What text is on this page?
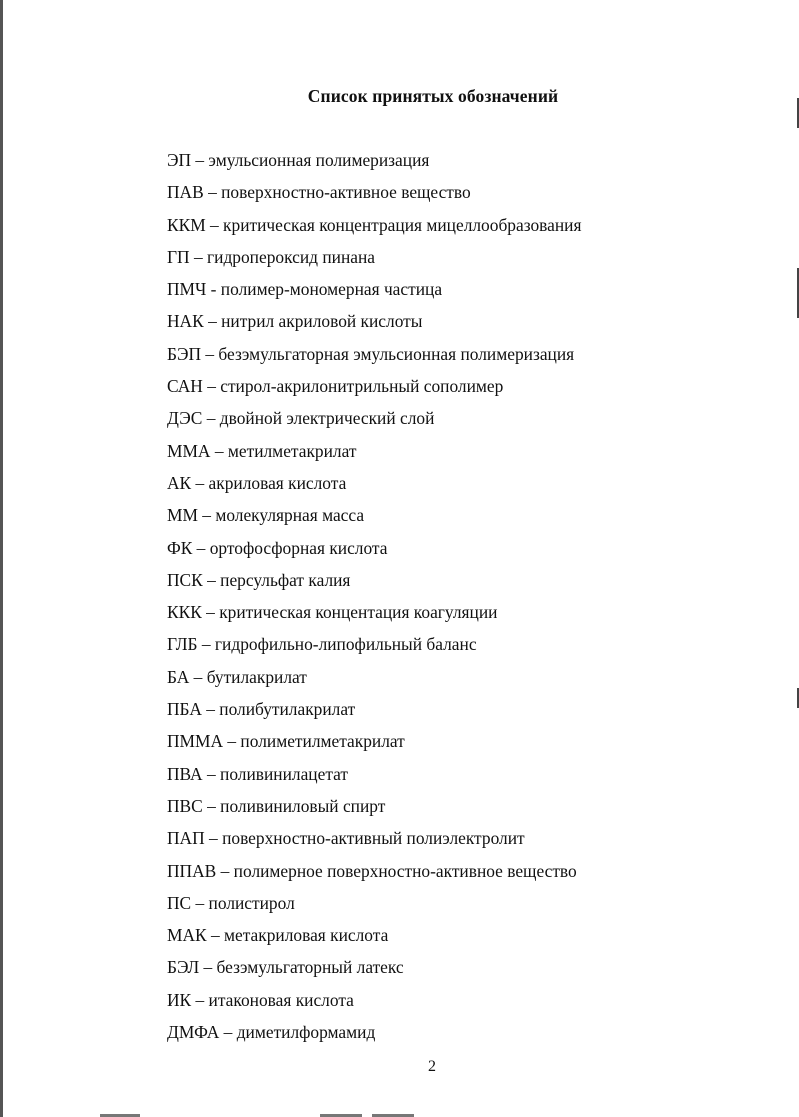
Список принятых обозначений
ЭП – эмульсионная полимеризация
ПАВ – поверхностно-активное вещество
ККМ – критическая концентрация мицеллообразования
ГП – гидропероксид пинана
ПМЧ - полимер-мономерная частица
НАК – нитрил акриловой кислоты
БЭП – безэмульгаторная эмульсионная полимеризация
САН – стирол-акрилонитрильный сополимер
ДЭС – двойной электрический слой
ММА – метилметакрилат
АК – акриловая кислота
ММ – молекулярная масса
ФК – ортофосфорная кислота
ПСК – персульфат калия
ККК – критическая концентация коагуляции
ГЛБ – гидрофильно-липофильный баланс
БА – бутилакрилат
ПБА – полибутилакрилат
ПММА – полиметилметакрилат
ПВА – поливинилацетат
ПВС – поливиниловый спирт
ПАП – поверхностно-активный полиэлектролит
ППАВ – полимерное поверхностно-активное вещество
ПС – полистирол
МАК – метакриловая кислота
БЭЛ – безэмульгаторный латекс
ИК – итаконовая кислота
ДМФА – диметилформамид
2
